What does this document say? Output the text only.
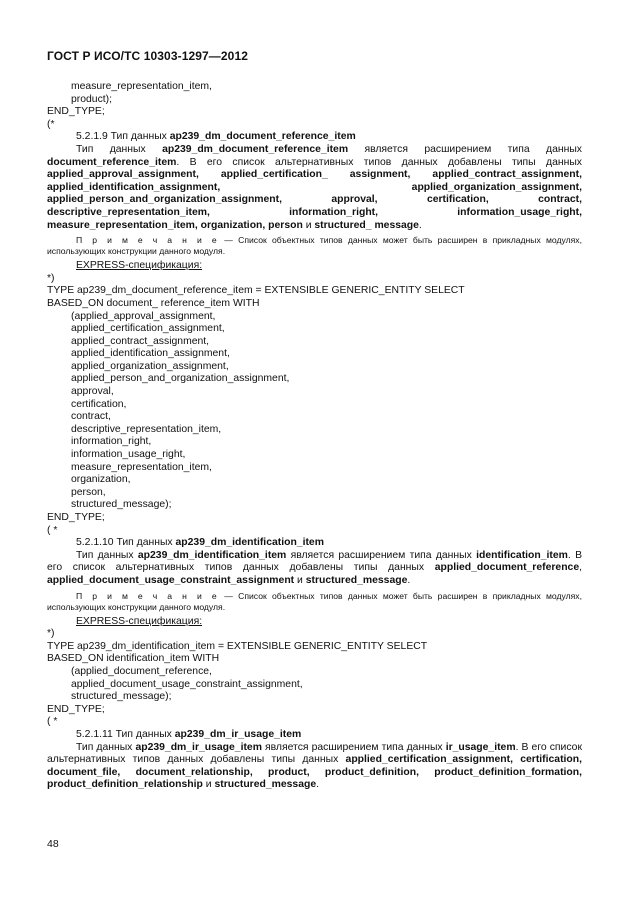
ГОСТ Р ИСО/ТС 10303-1297—2012
measure_representation_item,
product);
END_TYPE;
(*
5.2.1.9 Тип данных ap239_dm_document_reference_item
Тип данных ap239_dm_document_reference_item является расширением типа данных document_reference_item. В его список альтернативных типов данных добавлены типы данных applied_approval_assignment, applied_certification_ assignment, applied_contract_assignment, applied_identification_assignment, applied_organization_assignment, applied_person_and_organization_assignment, approval, certification, contract, descriptive_representation_item, information_right, information_usage_right, measure_representation_item, organization, person и structured_ message.
П р и м е ч а н и е — Список объектных типов данных может быть расширен в прикладных модулях, использующих конструкции данного модуля.
EXPRESS-спецификация:
*)
TYPE ap239_dm_document_reference_item = EXTENSIBLE GENERIC_ENTITY SELECT
BASED_ON document_ reference_item WITH
(applied_approval_assignment,
applied_certification_assignment,
applied_contract_assignment,
applied_identification_assignment,
applied_organization_assignment,
applied_person_and_organization_assignment,
approval,
certification,
contract,
descriptive_representation_item,
information_right,
information_usage_right,
measure_representation_item,
organization,
person,
structured_message);
END_TYPE;
( *
5.2.1.10 Тип данных ap239_dm_identification_item
Тип данных ap239_dm_identification_item является расширением типа данных identification_item. В его список альтернативных типов данных добавлены типы данных applied_document_reference, applied_document_usage_constraint_assignment и structured_message.
П р и м е ч а н и е — Список объектных типов данных может быть расширен в прикладных модулях, использующих конструкции данного модуля.
EXPRESS-спецификация:
*)
TYPE ap239_dm_identification_item = EXTENSIBLE GENERIC_ENTITY SELECT
BASED_ON identification_item WITH
(applied_document_reference,
applied_document_usage_constraint_assignment,
structured_message);
END_TYPE;
( *
5.2.1.11 Тип данных ap239_dm_ir_usage_item
Тип данных ap239_dm_ir_usage_item является расширением типа данных ir_usage_item. В его список альтернативных типов данных добавлены типы данных applied_certification_assignment, certification, document_file, document_relationship, product, product_definition, product_definition_formation, product_definition_relationship и structured_message.
48
